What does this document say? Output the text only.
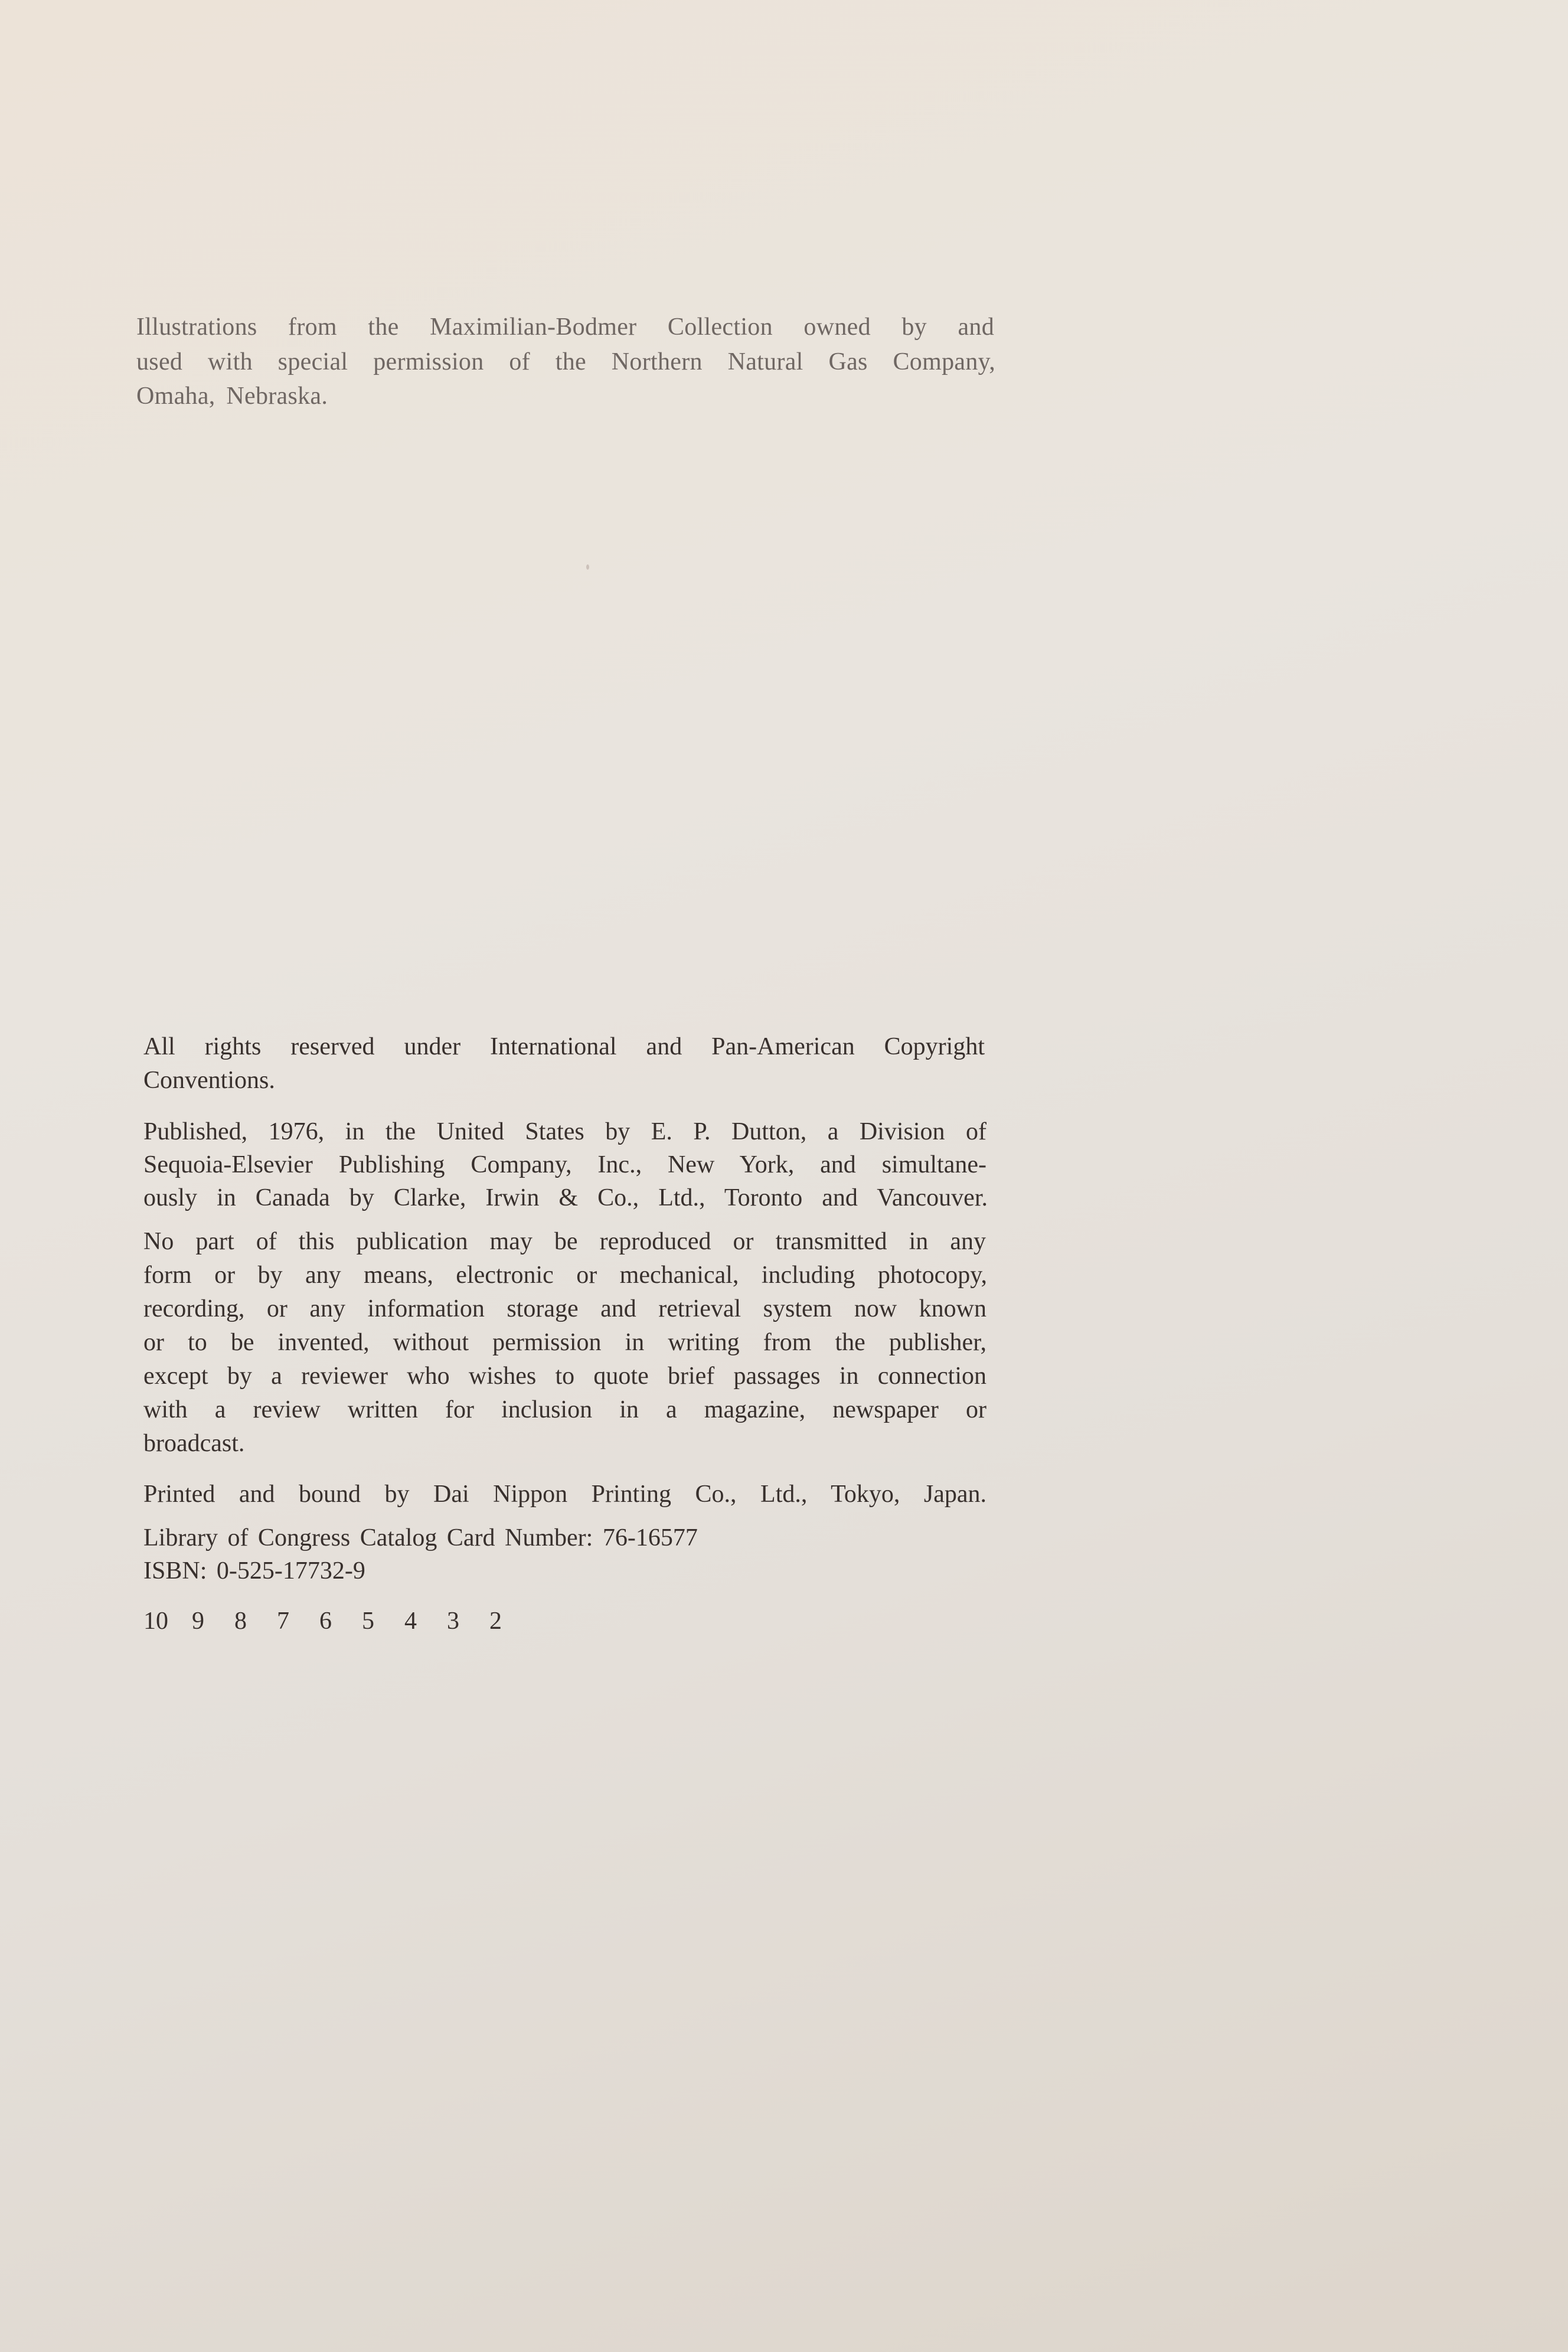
Illustrations from the Maximilian-Bodmer Collection owned by and
used with special permission of the Northern Natural Gas Company,
Omaha, Nebraska.
All rights reserved under International and Pan-American Copyright
Conventions.
Published, 1976, in the United States by E. P. Dutton, a Division of
Sequoia-Elsevier Publishing Company, Inc., New York, and simultane-
ously in Canada by Clarke, Irwin & Co., Ltd., Toronto and Vancouver.
No part of this publication may be reproduced or transmitted in any
form or by any means, electronic or mechanical, including photocopy,
recording, or any information storage and retrieval system now known
or to be invented, without permission in writing from the publisher,
except by a reviewer who wishes to quote brief passages in connection
with a review written for inclusion in a magazine, newspaper or
broadcast.
Printed and bound by Dai Nippon Printing Co., Ltd., Tokyo, Japan.
Library of Congress Catalog Card Number: 76-16577
ISBN: 0-525-17732-9
10 9	8	7	6	5	4	3	2
